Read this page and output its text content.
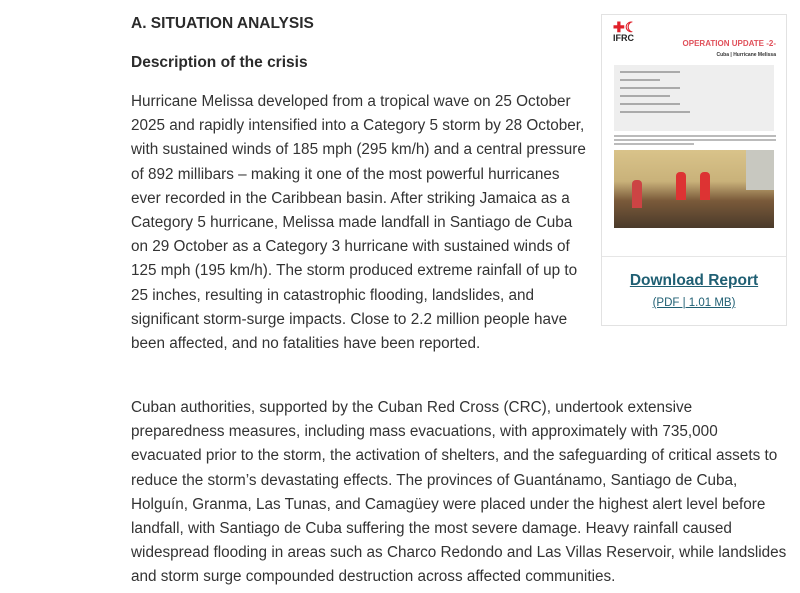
A. SITUATION ANALYSIS
Description of the crisis

Hurricane Melissa developed from a tropical wave on 25 October 2025 and rapidly intensified into a Category 5 storm by 28 October, with sustained winds of 185 mph (295 km/h) and a central pressure of 892 millibars – making it one of the most powerful hurricanes ever recorded in the Caribbean basin. After striking Jamaica as a Category 5 hurricane, Melissa made landfall in Santiago de Cuba on 29 October as a Category 3 hurricane with sustained winds of 125 mph (195 km/h). The storm produced extreme rainfall of up to 25 inches, resulting in catastrophic flooding, landslides, and significant storm-surge impacts. Close to 2.2 million people have been affected, and no fatalities have been reported.

Cuban authorities, supported by the Cuban Red Cross (CRC), undertook extensive preparedness measures, including mass evacuations, with approximately with 735,000 evacuated prior to the storm, the activation of shelters, and the safeguarding of critical assets to reduce the storm’s devastating effects. The provinces of Guantánamo, Santiago de Cuba, Holguín, Granma, Las Tunas, and Camagüey were placed under the highest alert level before landfall, with Santiago de Cuba suffering the most severe damage. Heavy rainfall caused widespread flooding in areas such as Charco Redondo and Las Villas Reservoir, while landslides and storm surge compounded destruction across affected communities.

✚☾
IFRC
OPERATION UPDATE -2-
Cuba | Hurricane Melissa
Download Report
(PDF | 1.01 MB)
